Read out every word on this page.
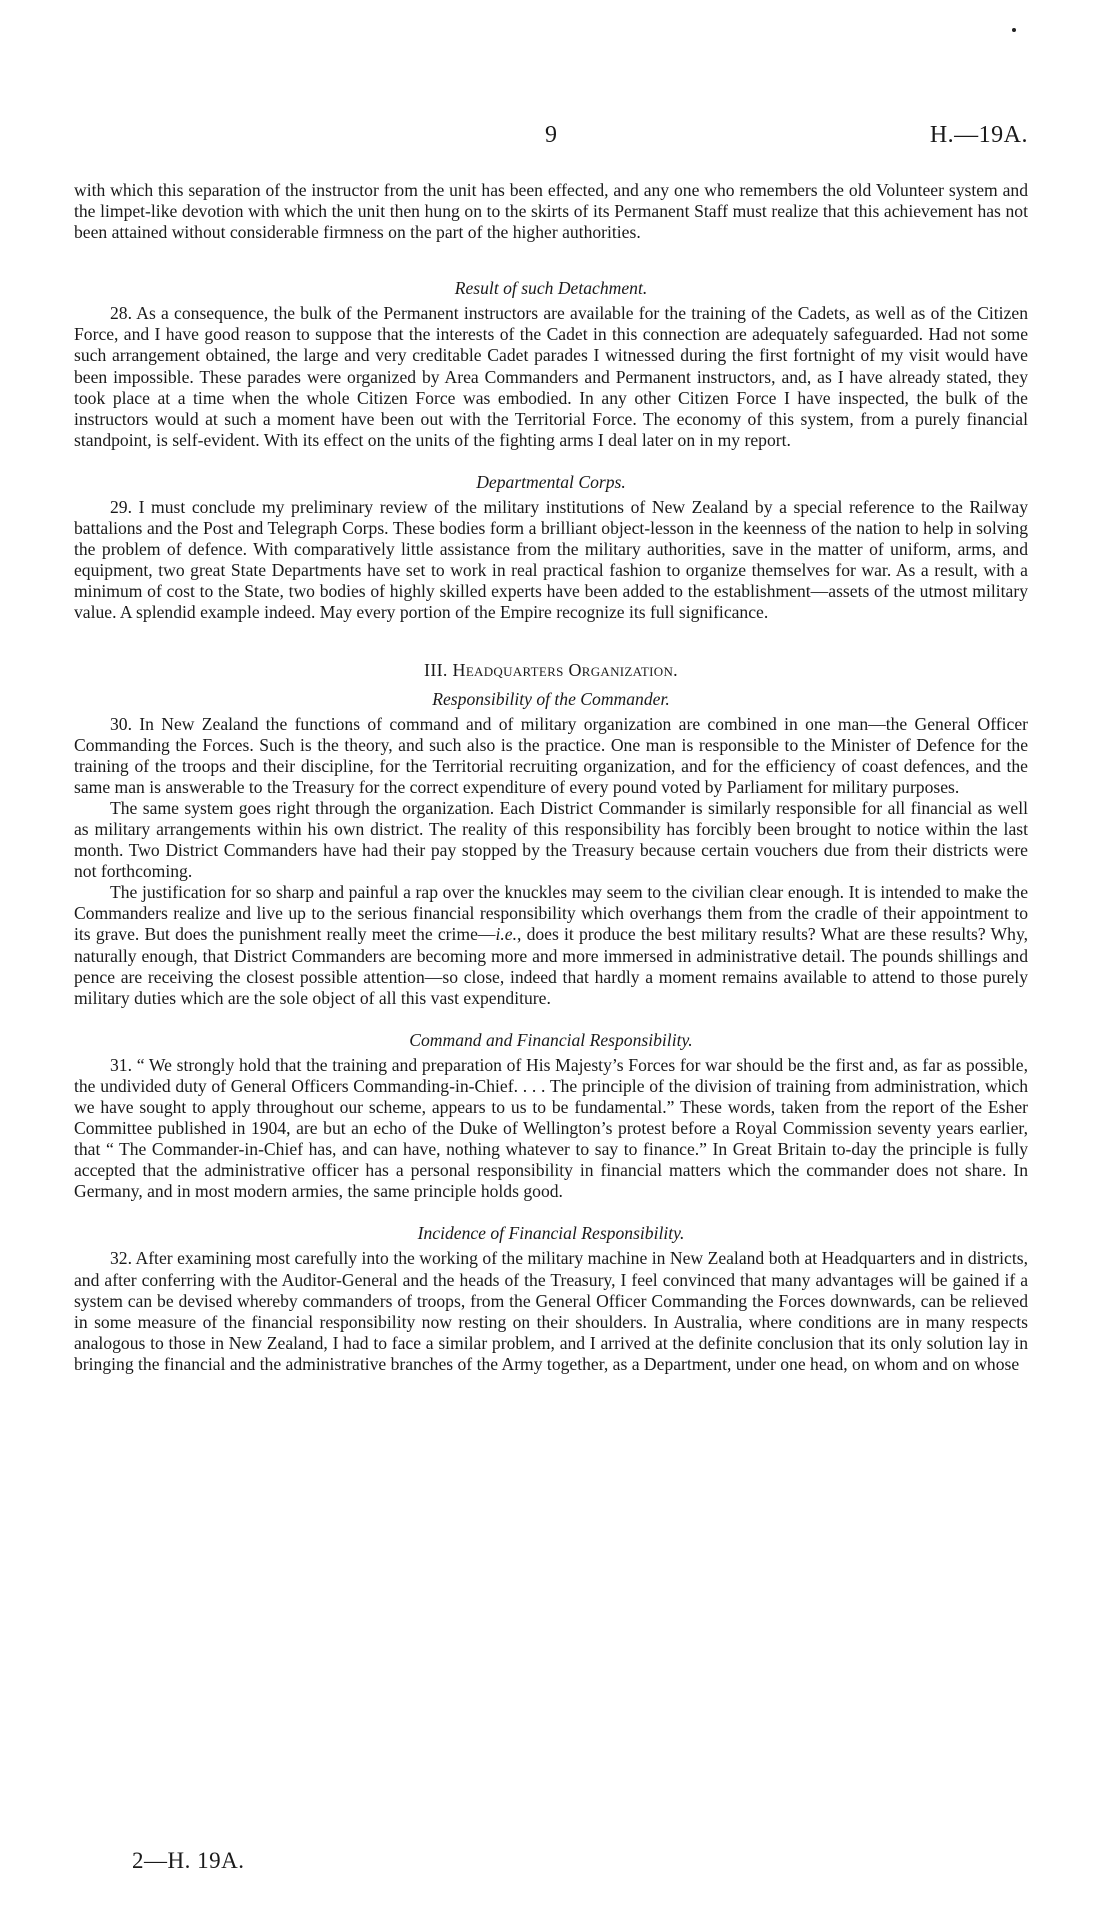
9	H.—19A.

with which this separation of the instructor from the unit has been effected, and any one who remembers the old Volunteer system and the limpet-like devotion with which the unit then hung on to the skirts of its Permanent Staff must realize that this achievement has not been attained without considerable firmness on the part of the higher authorities.

Result of such Detachment.

28. As a consequence, the bulk of the Permanent instructors are available for the training of the Cadets, as well as of the Citizen Force, and I have good reason to suppose that the interests of the Cadet in this connection are adequately safeguarded. Had not some such arrangement obtained, the large and very creditable Cadet parades I witnessed during the first fortnight of my visit would have been impossible. These parades were organized by Area Commanders and Permanent instructors, and, as I have already stated, they took place at a time when the whole Citizen Force was embodied. In any other Citizen Force I have inspected, the bulk of the instructors would at such a moment have been out with the Territorial Force. The economy of this system, from a purely financial standpoint, is self-evident. With its effect on the units of the fighting arms I deal later on in my report.

Departmental Corps.

29. I must conclude my preliminary review of the military institutions of New Zealand by a special reference to the Railway battalions and the Post and Telegraph Corps. These bodies form a brilliant object-lesson in the keenness of the nation to help in solving the problem of defence. With comparatively little assistance from the military authorities, save in the matter of uniform, arms, and equipment, two great State Departments have set to work in real practical fashion to organize themselves for war. As a result, with a minimum of cost to the State, two bodies of highly skilled experts have been added to the establishment—assets of the utmost military value. A splendid example indeed. May every portion of the Empire recognize its full significance.

III. Headquarters Organization.
Responsibility of the Commander.

30. In New Zealand the functions of command and of military organization are combined in one man—the General Officer Commanding the Forces. Such is the theory, and such also is the practice. One man is responsible to the Minister of Defence for the training of the troops and their discipline, for the Territorial recruiting organization, and for the efficiency of coast defences, and the same man is answerable to the Treasury for the correct expenditure of every pound voted by Parliament for military purposes.

The same system goes right through the organization. Each District Commander is similarly responsible for all financial as well as military arrangements within his own district. The reality of this responsibility has forcibly been brought to notice within the last month. Two District Commanders have had their pay stopped by the Treasury because certain vouchers due from their districts were not forthcoming.

The justification for so sharp and painful a rap over the knuckles may seem to the civilian clear enough. It is intended to make the Commanders realize and live up to the serious financial responsibility which overhangs them from the cradle of their appointment to its grave. But does the punishment really meet the crime—i.e., does it produce the best military results? What are these results? Why, naturally enough, that District Commanders are becoming more and more immersed in administrative detail. The pounds shillings and pence are receiving the closest possible attention—so close, indeed that hardly a moment remains available to attend to those purely military duties which are the sole object of all this vast expenditure.

Command and Financial Responsibility.

31. “ We strongly hold that the training and preparation of His Majesty’s Forces for war should be the first and, as far as possible, the undivided duty of General Officers Commanding-in-Chief. . . . The principle of the division of training from administration, which we have sought to apply throughout our scheme, appears to us to be fundamental.” These words, taken from the report of the Esher Committee published in 1904, are but an echo of the Duke of Wellington’s protest before a Royal Commission seventy years earlier, that “ The Commander-in-Chief has, and can have, nothing whatever to say to finance.” In Great Britain to-day the principle is fully accepted that the administrative officer has a personal responsibility in financial matters which the commander does not share. In Germany, and in most modern armies, the same principle holds good.

Incidence of Financial Responsibility.

32. After examining most carefully into the working of the military machine in New Zealand both at Headquarters and in districts, and after conferring with the Auditor-General and the heads of the Treasury, I feel convinced that many advantages will be gained if a system can be devised whereby commanders of troops, from the General Officer Commanding the Forces downwards, can be relieved in some measure of the financial responsibility now resting on their shoulders. In Australia, where conditions are in many respects analogous to those in New Zealand, I had to face a similar problem, and I arrived at the definite conclusion that its only solution lay in bringing the financial and the administrative branches of the Army together, as a Department, under one head, on whom and on whose

2—H. 19A.
